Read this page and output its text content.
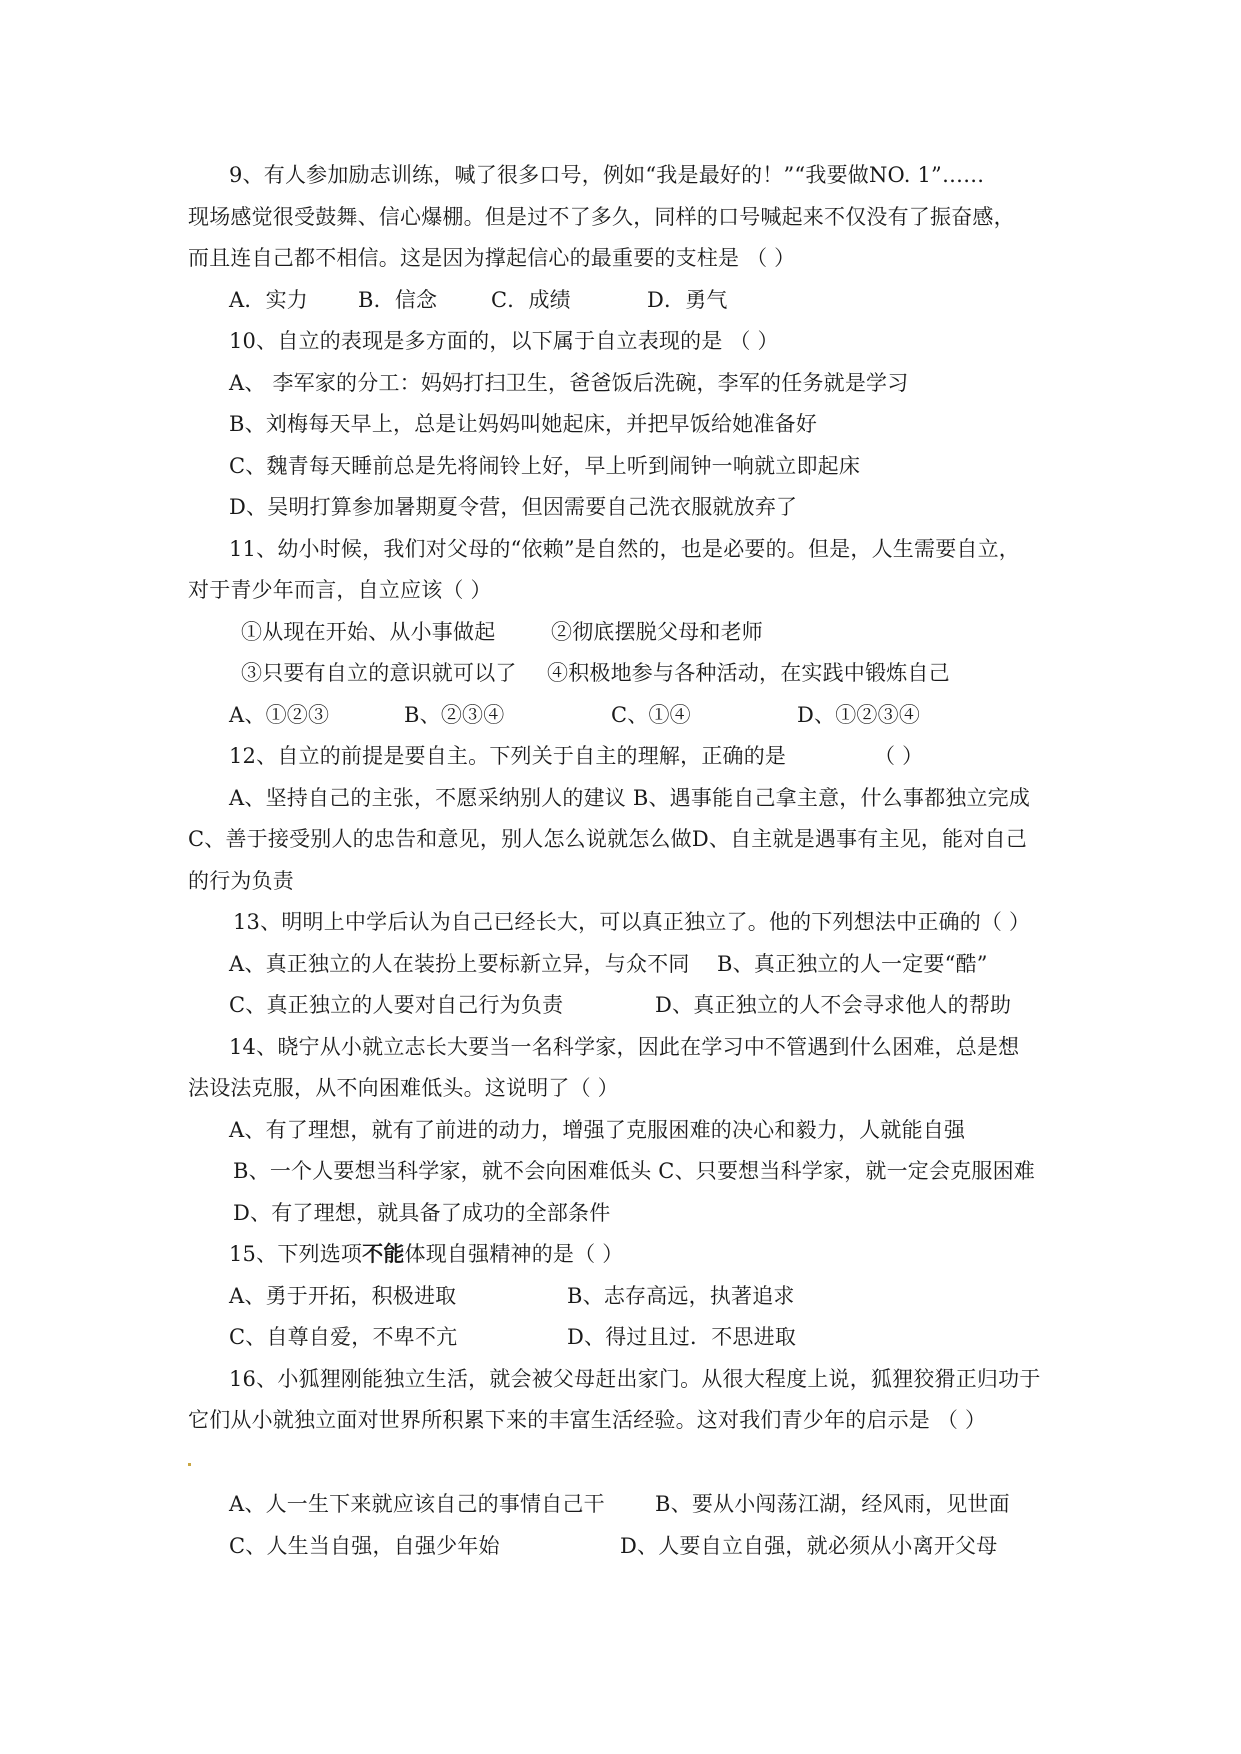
9、有人参加励志训练，喊了很多口号，例如“我是最好的！”“我要做NO. 1”……
现场感觉很受鼓舞、信心爆棚。但是过不了多久，同样的口号喊起来不仅没有了振奋感，
而且连自己都不相信。这是因为撑起信心的最重要的支柱是 （ ）
A．实力 B．信念	C．成绩	D．勇气
10、自立的表现是多方面的，以下属于自立表现的是 （ ）
A、 李军家的分工：妈妈打扫卫生，爸爸饭后洗碗，李军的任务就是学习
B、刘梅每天早上，总是让妈妈叫她起床，并把早饭给她准备好
C、魏青每天睡前总是先将闹铃上好，早上听到闹钟一响就立即起床
D、吴明打算参加暑期夏令营，但因需要自己洗衣服就放弃了
11、幼小时候，我们对父母的“依赖”是自然的，也是必要的。但是，人生需要自立，
对于青少年而言，自立应该（ ）
①从现在开始、从小事做起	②彻底摆脱父母和老师
③只要有自立的意识就可以了 ④积极地参与各种活动，在实践中锻炼自己
A、①②③	B、②③④	C、①④	D、①②③④
12、自立的前提是要自主。下列关于自主的理解，正确的是	（ ）
A、坚持自己的主张，不愿采纳别人的建议 B、遇事能自己拿主意，什么事都独立完成
C、善于接受别人的忠告和意见，别人怎么说就怎么做D、自主就是遇事有主见，能对自己
的行为负责
13、明明上中学后认为自己已经长大，可以真正独立了。他的下列想法中正确的（ ）
A、真正独立的人在装扮上要标新立异，与众不同 B、真正独立的人一定要“酷”
C、真正独立的人要对自己行为负责	D、真正独立的人不会寻求他人的帮助
14、晓宁从小就立志长大要当一名科学家，因此在学习中不管遇到什么困难，总是想
法设法克服，从不向困难低头。这说明了（ ）
A、有了理想，就有了前进的动力，增强了克服困难的决心和毅力，人就能自强
B、一个人要想当科学家，就不会向困难低头 C、只要想当科学家，就一定会克服困难
D、有了理想，就具备了成功的全部条件
15、下列选项不能体现自强精神的是（ ）
A、勇于开拓，积极进取	B、志存高远，执著追求
C、自尊自爱，不卑不亢	D、得过且过．不思进取
16、小狐狸刚能独立生活，就会被父母赶出家门。从很大程度上说，狐狸狡猾正归功于
它们从小就独立面对世界所积累下来的丰富生活经验。这对我们青少年的启示是 （ ）
A、人一生下来就应该自己的事情自己干 B、要从小闯荡江湖，经风雨，见世面
C、人生当自强，自强少年始	D、人要自立自强，就必须从小离开父母
